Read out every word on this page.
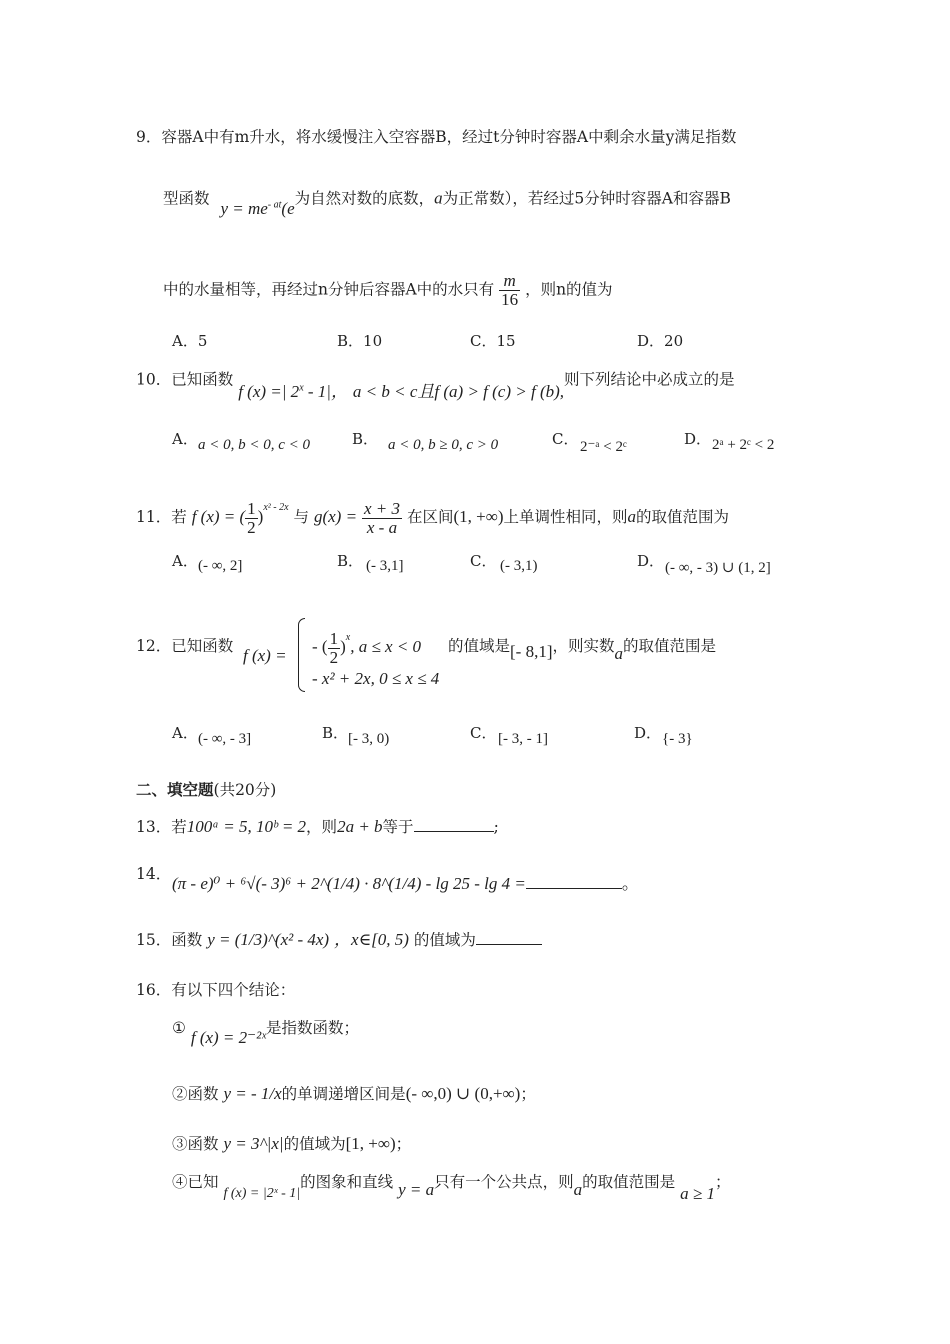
9．容器A中有m升水，将水缓慢注入空容器B，经过t分钟时容器A中剩余水量y满足指数
型函数 $y = me^{- at}(e$为自然对数的底数，a为正常数），若经过5分钟时容器A和容器B
中的水量相等，再经过n分钟后容器A中的水只有 $\frac{m}{16}$ ，则n的值为
A．5	B．10	C．15	D．20
10．已知函数 f (x) =| 2$^x$ - 1|， a < b < c且f (a) > f (c) > f (b),则下列结论中必成立的是
A． a < 0, b < 0, c < 0	B． a < 0, b ≥ 0, c > 0	C． 2⁻ᵃ < 2ᶜ	D． 2ᵃ + 2ᶜ < 2
11．若 f (x) = ( $\frac{1}{2} )^{x^2 - 2x}$ 与 $g(x) = \frac{x + 3}{x - a}$ 在区间(1, +∞)上单调性相同，则a的取值范围为
A． (- ∞, 2]	B． (- 3,1]	C． (- 3,1)	D． (- ∞, - 3) ∪ (1, 2]
12．已知函数 f (x) = - ( $\frac{1}{2} )^x$, a ≤ x < 0
- x² + 2x, 0 ≤ x ≤ 4
的值域是[- 8,1]，则实数a的取值范围是
A． (- ∞, - 3]	B． [- 3, 0)	C． [- 3, - 1]	D． {- 3}
二、填空题(共20分)
13．若100ᵃ = 5, 10ᵇ = 2，则2a + b等于	;
14． (π - e)⁰ + ⁶√(- 3)⁶ + 2^(1/4) · 8^(1/4) - lg 25 - lg 4 =	。
15．函数 y = (1/3)^(x² - 4x) ，x∈[0, 5) 的值域为
16．有以下四个结论：
① f (x) = 2⁻²ˣ是指数函数；
②函数 y = - 1/x的单调递增区间是(- ∞,0) ∪ (0,+∞)；
③函数 y = 3^|x|的值域为[1, +∞)；
④已知 f (x) = |2ˣ - 1|的图象和直线 y = a只有一个公共点，则a的取值范围是 a ≥ 1；
